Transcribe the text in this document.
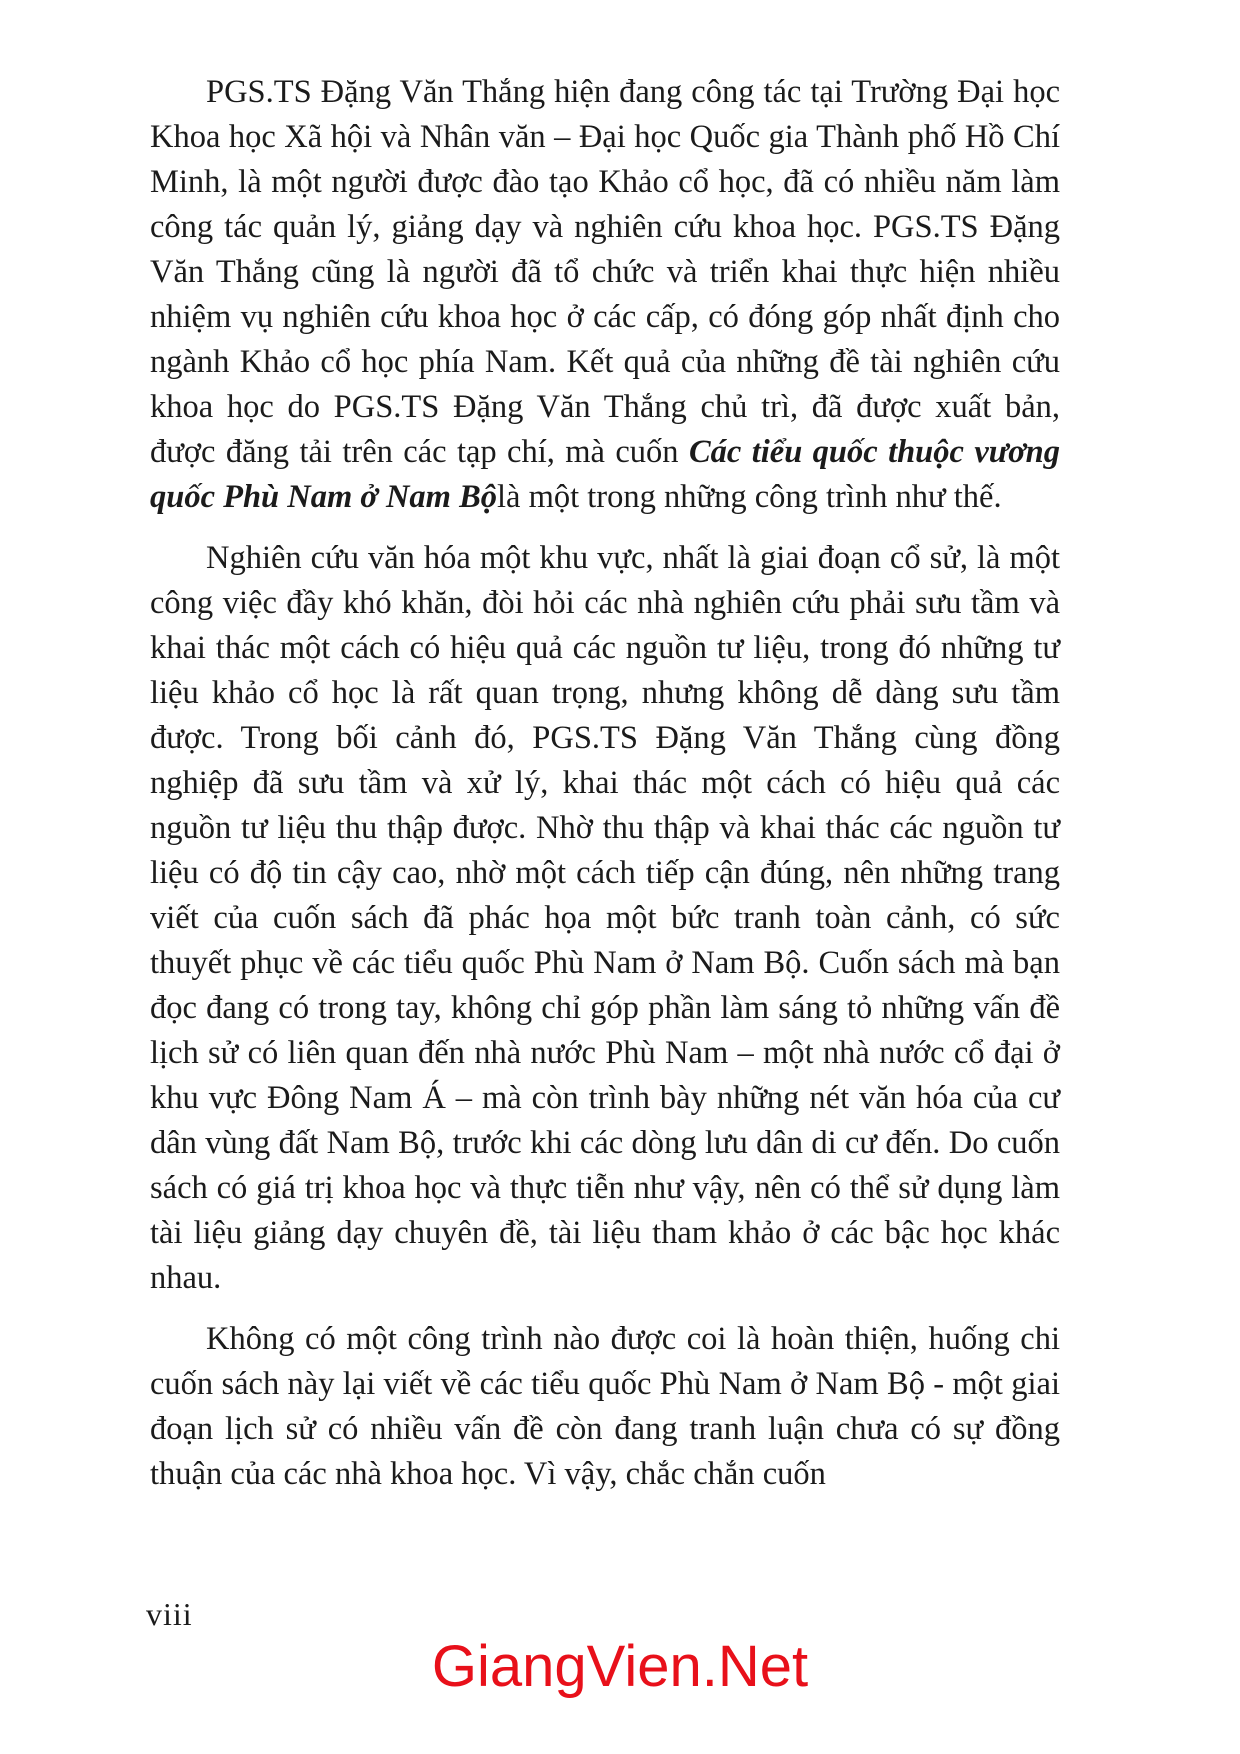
PGS.TS Đặng Văn Thắng hiện đang công tác tại Trường Đại học Khoa học Xã hội và Nhân văn – Đại học Quốc gia Thành phố Hồ Chí Minh, là một người được đào tạo Khảo cổ học, đã có nhiều năm làm công tác quản lý, giảng dạy và nghiên cứu khoa học. PGS.TS Đặng Văn Thắng cũng là người đã tổ chức và triển khai thực hiện nhiều nhiệm vụ nghiên cứu khoa học ở các cấp, có đóng góp nhất định cho ngành Khảo cổ học phía Nam. Kết quả của những đề tài nghiên cứu khoa học do PGS.TS Đặng Văn Thắng chủ trì, đã được xuất bản, được đăng tải trên các tạp chí, mà cuốn Các tiểu quốc thuộc vương quốc Phù Nam ở Nam Bộlà một trong những công trình như thế.

Nghiên cứu văn hóa một khu vực, nhất là giai đoạn cổ sử, là một công việc đầy khó khăn, đòi hỏi các nhà nghiên cứu phải sưu tầm và khai thác một cách có hiệu quả các nguồn tư liệu, trong đó những tư liệu khảo cổ học là rất quan trọng, nhưng không dễ dàng sưu tầm được. Trong bối cảnh đó, PGS.TS Đặng Văn Thắng cùng đồng nghiệp đã sưu tầm và xử lý, khai thác một cách có hiệu quả các nguồn tư liệu thu thập được. Nhờ thu thập và khai thác các nguồn tư liệu có độ tin cậy cao, nhờ một cách tiếp cận đúng, nên những trang viết của cuốn sách đã phác họa một bức tranh toàn cảnh, có sức thuyết phục về các tiểu quốc Phù Nam ở Nam Bộ. Cuốn sách mà bạn đọc đang có trong tay, không chỉ góp phần làm sáng tỏ những vấn đề lịch sử có liên quan đến nhà nước Phù Nam – một nhà nước cổ đại ở khu vực Đông Nam Á – mà còn trình bày những nét văn hóa của cư dân vùng đất Nam Bộ, trước khi các dòng lưu dân di cư đến. Do cuốn sách có giá trị khoa học và thực tiễn như vậy, nên có thể sử dụng làm tài liệu giảng dạy chuyên đề, tài liệu tham khảo ở các bậc học khác nhau.

Không có một công trình nào được coi là hoàn thiện, huống chi cuốn sách này lại viết về các tiểu quốc Phù Nam ở Nam Bộ - một giai đoạn lịch sử có nhiều vấn đề còn đang tranh luận chưa có sự đồng thuận của các nhà khoa học. Vì vậy, chắc chắn cuốn

viii
GiangVien.Net
